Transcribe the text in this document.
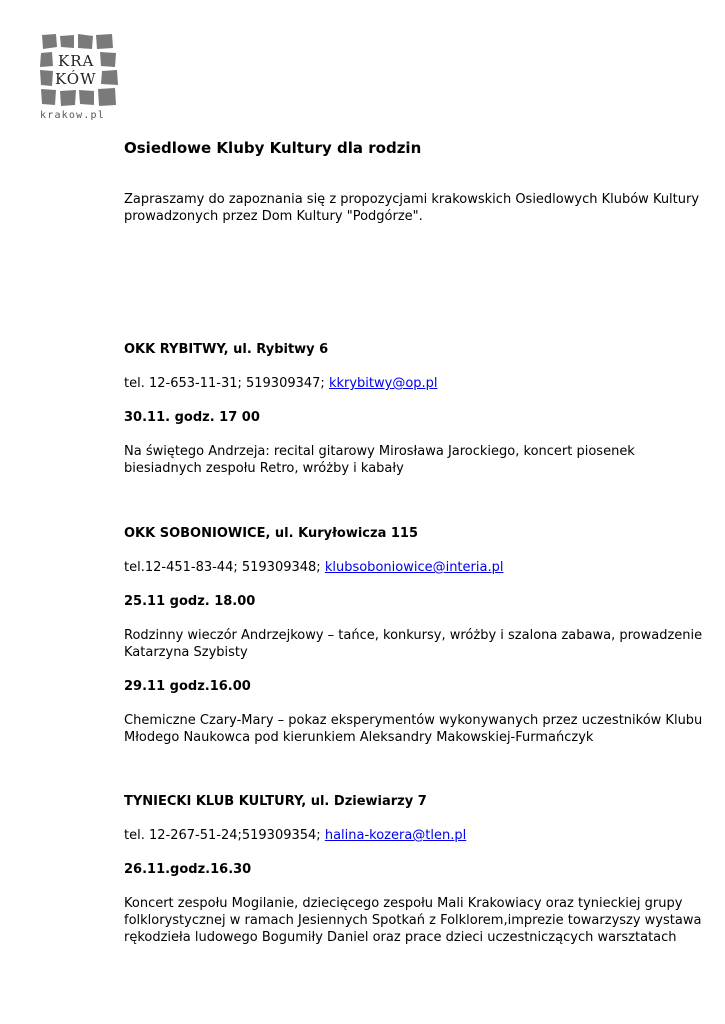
KRA
KÓW
krakow.pl
Osiedlowe Kluby Kultury dla rodzin
Zapraszamy do zapoznania się z propozycjami krakowskich Osiedlowych Klubów Kultury prowadzonych przez Dom Kultury "Podgórze".
OKK RYBITWY, ul. Rybitwy 6
tel. 12-653-11-31; 519309347; kkrybitwy@op.pl
30.11. godz. 17 00
Na świętego Andrzeja: recital gitarowy Mirosława Jarockiego, koncert piosenek biesiadnych zespołu Retro, wróżby i kabały
OKK SOBONIOWICE, ul. Kuryłowicza 115
tel.12-451-83-44; 519309348; klubsoboniowice@interia.pl
25.11 godz. 18.00
Rodzinny wieczór Andrzejkowy – tańce, konkursy, wróżby i szalona zabawa, prowadzenie Katarzyna Szybisty
29.11 godz.16.00
Chemiczne Czary-Mary – pokaz eksperymentów wykonywanych przez uczestników Klubu Młodego Naukowca pod kierunkiem Aleksandry Makowskiej-Furmańczyk
TYNIECKI KLUB KULTURY, ul. Dziewiarzy 7
tel. 12-267-51-24;519309354; halina-kozera@tlen.pl
26.11.godz.16.30
Koncert zespołu Mogilanie, dziecięcego zespołu Mali Krakowiacy oraz tynieckiej grupy folklorystycznej w ramach Jesiennych Spotkań z Folklorem,imprezie towarzyszy wystawa rękodzieła ludowego Bogumiły Daniel oraz prace dzieci uczestniczących warsztatach
